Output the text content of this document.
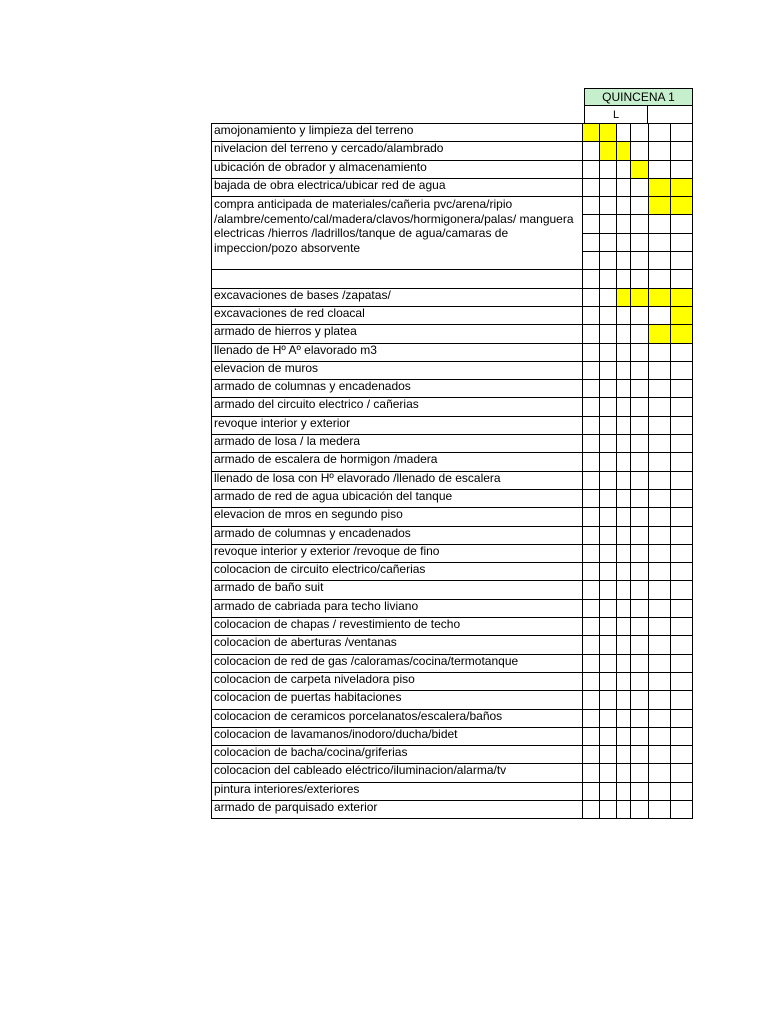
QUINCENA 1
L
amojonamiento y limpieza del terreno						
nivelacion del terreno y cercado/alambrado						
ubicación de obrador y almacenamiento						
bajada de obra electrica/ubicar red de agua						
compra anticipada de materiales/cañeria pvc/arena/ripio /alambre/cemento/cal/madera/clavos/hormigonera/palas/ manguera electricas /hierros /ladrillos/tanque de agua/camaras de impeccion/pozo absorvente						

excavaciones de bases /zapatas/						
excavaciones de red cloacal						
armado de hierros y platea						
llenado de Hº Aº elavorado m3						
elevacion de muros						
armado de columnas y encadenados						
armado del circuito electrico / cañerias						
revoque interior y exterior						
armado de losa / la medera						
armado de escalera de hormigon /madera						
llenado de losa con Hº elavorado /llenado de escalera						
armado de red de agua ubicación del tanque						
elevacion de mros en segundo piso						
armado de columnas y encadenados						
revoque interior y exterior /revoque de fino						
colocacion de circuito electrico/cañerias						
armado de baño suit						
armado de cabriada para techo liviano						
colocacion de chapas / revestimiento de techo						
colocacion de aberturas /ventanas						
colocacion de red de gas /caloramas/cocina/termotanque						
colocacion de carpeta niveladora piso						
colocacion de puertas habitaciones						
colocacion de ceramicos porcelanatos/escalera/baños						
colocacion de lavamanos/inodoro/ducha/bidet						
colocacion de bacha/cocina/griferias						
colocacion del cableado eléctrico/iluminacion/alarma/tv						
pintura interiores/exteriores						
armado de parquisado exterior						
